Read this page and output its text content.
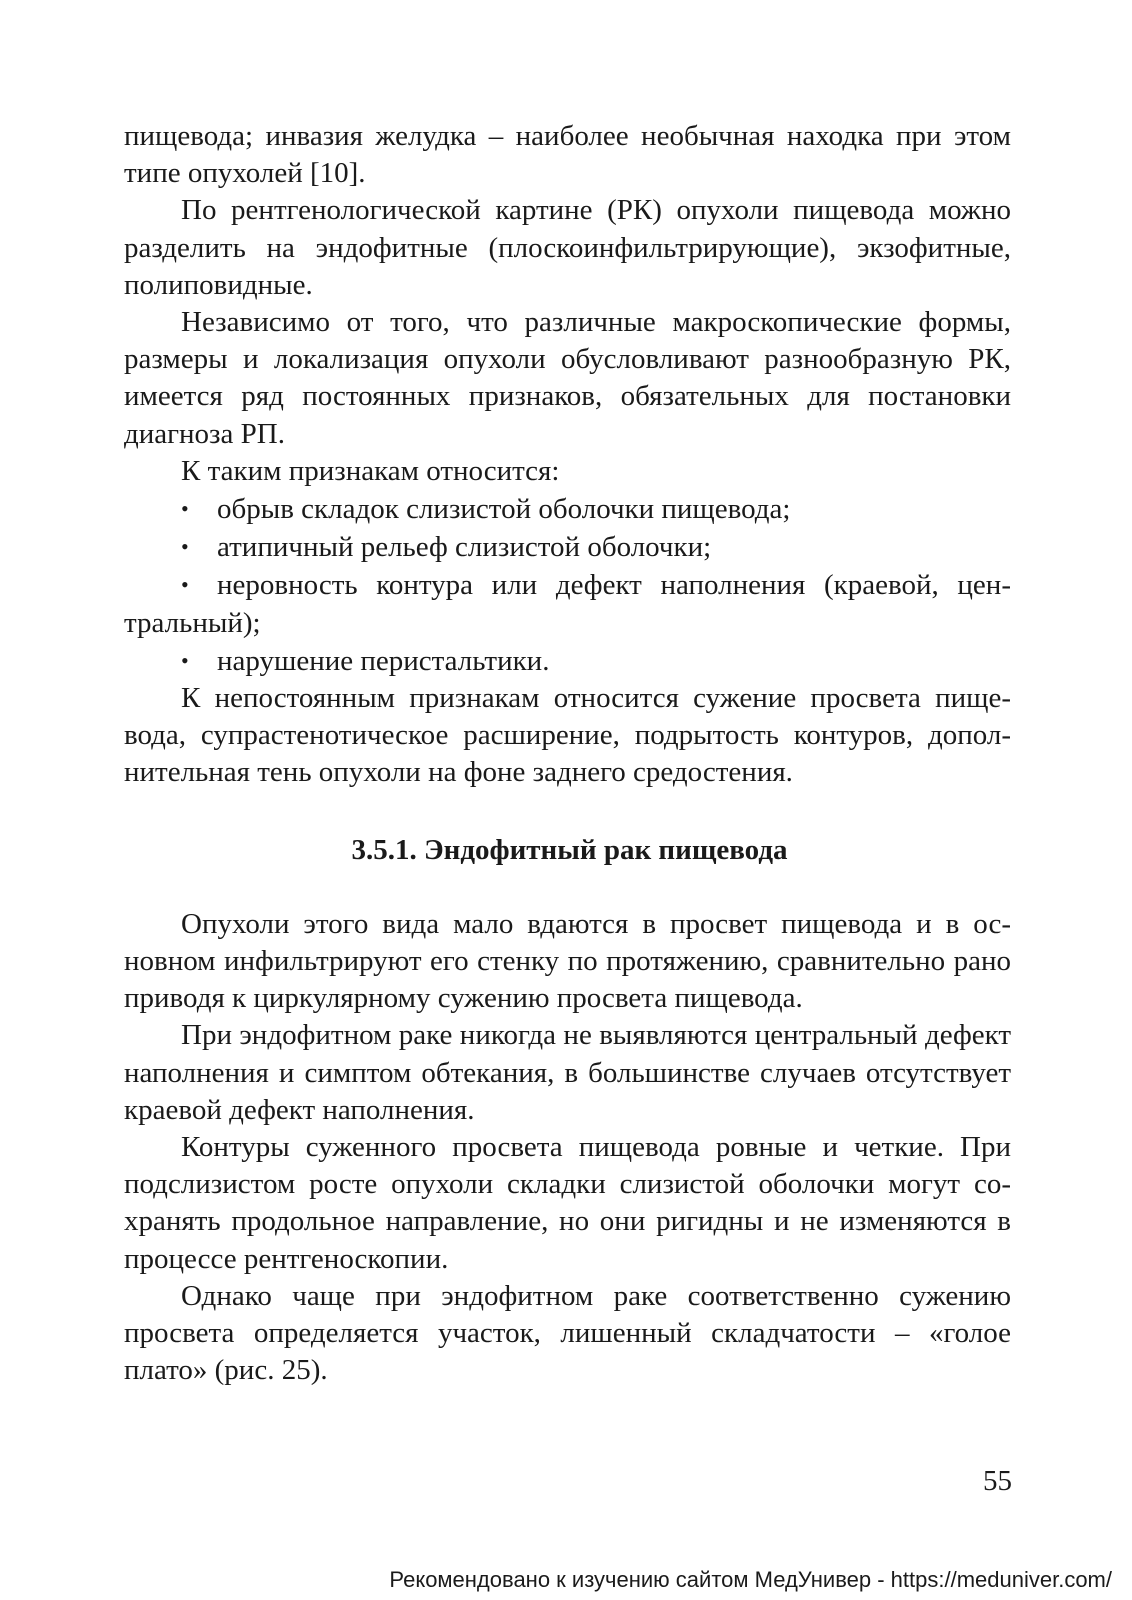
пищевода; инвазия желудка – наиболее необычная находка при этом типе опухолей [10].

По рентгенологической картине (РК) опухоли пищевода можно разделить на эндофитные (плоскоинфильтрирующие), экзофитные, полиповидные.

Независимо от того, что различные макроскопические формы, размеры и локализация опухоли обусловливают разнообразную РК, имеется ряд постоянных признаков, обязательных для постановки диагноза РП.

К таким признакам относится:

• обрыв складок слизистой оболочки пищевода;
• атипичный рельеф слизистой оболочки;
• неровность контура или дефект наполнения (краевой, центральный);
• нарушение перистальтики.

К непостоянным признакам относится сужение просвета пищевода, супрастенотическое расширение, подрытость контуров, дополнительная тень опухоли на фоне заднего средостения.

3.5.1. Эндофитный рак пищевода

Опухоли этого вида мало вдаются в просвет пищевода и в основном инфильтрируют его стенку по протяжению, сравнительно рано приводя к циркулярному сужению просвета пищевода.

При эндофитном раке никогда не выявляются центральный дефект наполнения и симптом обтекания, в большинстве случаев отсутствует краевой дефект наполнения.

Контуры суженного просвета пищевода ровные и четкие. При подслизистом росте опухоли складки слизистой оболочки могут сохранять продольное направление, но они ригидны и не изменяются в процессе рентгеноскопии.

Однако чаще при эндофитном раке соответственно сужению просвета определяется участок, лишенный складчатости – «голое плато» (рис. 25).

55
Рекомендовано к изучению сайтом МедУнивер - https://meduniver.com/
